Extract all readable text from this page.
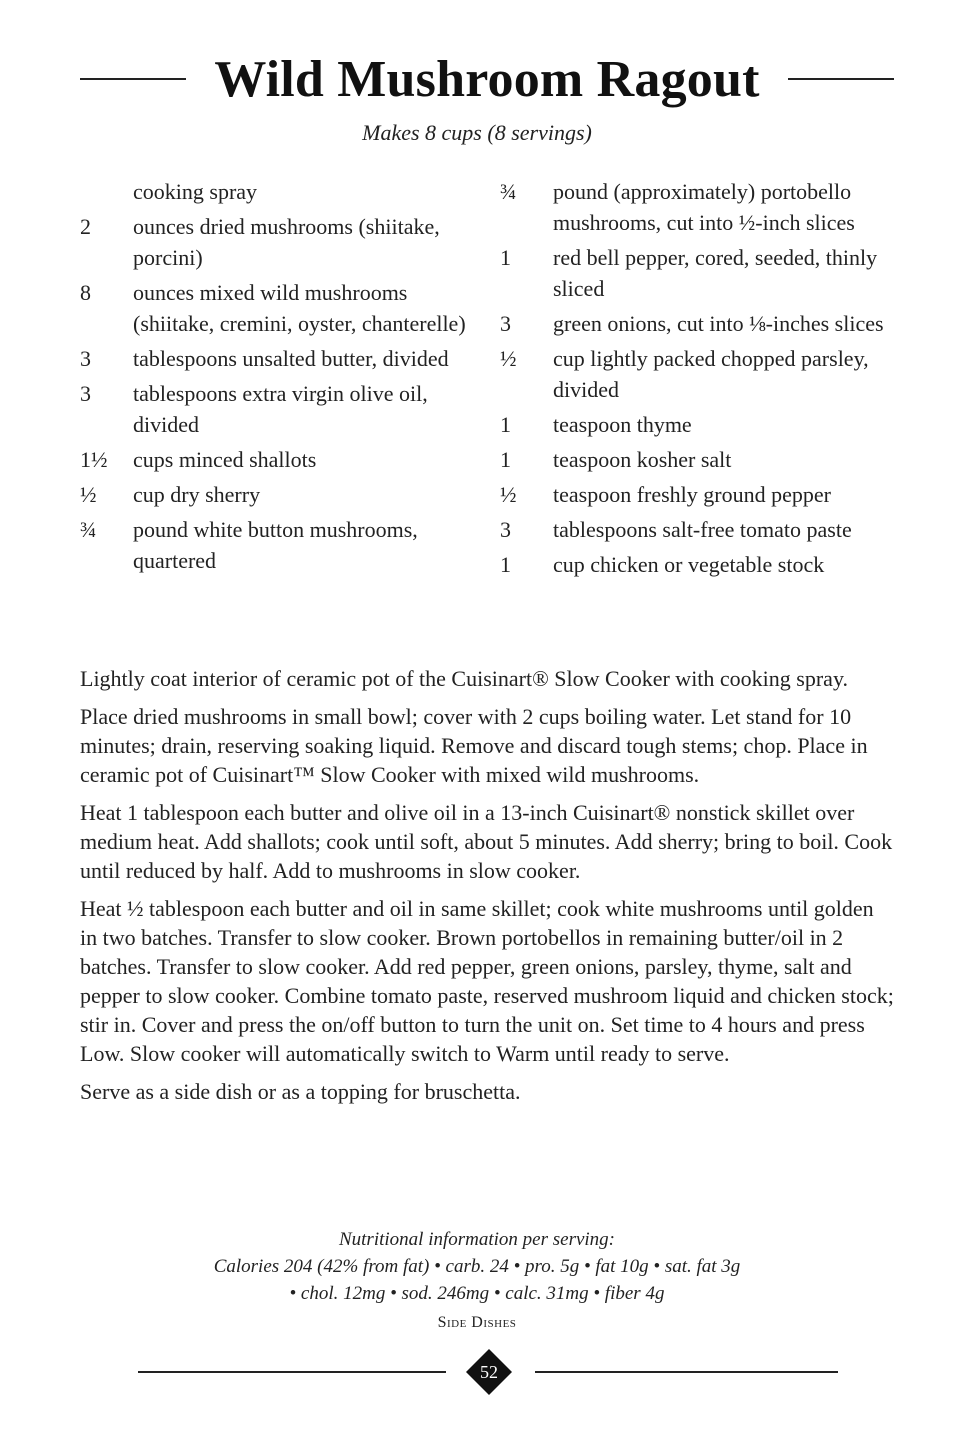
Wild Mushroom Ragout
Makes 8 cups (8 servings)
cooking spray
2	ounces dried mushrooms (shiitake, porcini)
8	ounces mixed wild mushrooms (shiitake, cremini, oyster, chanterelle)
3	tablespoons unsalted butter, divided
3	tablespoons extra virgin olive oil, divided
1½	cups minced shallots
½	cup dry sherry
¾	pound white button mushrooms, quartered
¾	pound (approximately) portobello mushrooms, cut into ½-inch slices
1	red bell pepper, cored, seeded, thinly sliced
3	green onions, cut into ⅛-inches slices
½	cup lightly packed chopped parsley, divided
1	teaspoon thyme
1	teaspoon kosher salt
½	teaspoon freshly ground pepper
3	tablespoons salt-free tomato paste
1	cup chicken or vegetable stock

Lightly coat interior of ceramic pot of the Cuisinart® Slow Cooker with cooking spray.

Place dried mushrooms in small bowl; cover with 2 cups boiling water. Let stand for 10 minutes; drain, reserving soaking liquid. Remove and discard tough stems; chop. Place in ceramic pot of Cuisinart™ Slow Cooker with mixed wild mushrooms.

Heat 1 tablespoon each butter and olive oil in a 13-inch Cuisinart® nonstick skillet over medium heat. Add shallots; cook until soft, about 5 minutes. Add sherry; bring to boil. Cook until reduced by half. Add to mushrooms in slow cooker.

Heat ½ tablespoon each butter and oil in same skillet; cook white mushrooms until golden in two batches. Transfer to slow cooker. Brown portobellos in remaining butter/oil in 2 batches. Transfer to slow cooker. Add red pepper, green onions, parsley, thyme, salt and pepper to slow cooker. Combine tomato paste, reserved mushroom liquid and chicken stock; stir in. Cover and press the on/off button to turn the unit on. Set time to 4 hours and press Low. Slow cooker will automatically switch to Warm until ready to serve.

Serve as a side dish or as a topping for bruschetta.

Nutritional information per serving:
Calories 204 (42% from fat) • carb. 24 • pro. 5g • fat 10g • sat. fat 3g
• chol. 12mg • sod. 246mg • calc. 31mg • fiber 4g
Side Dishes
52
